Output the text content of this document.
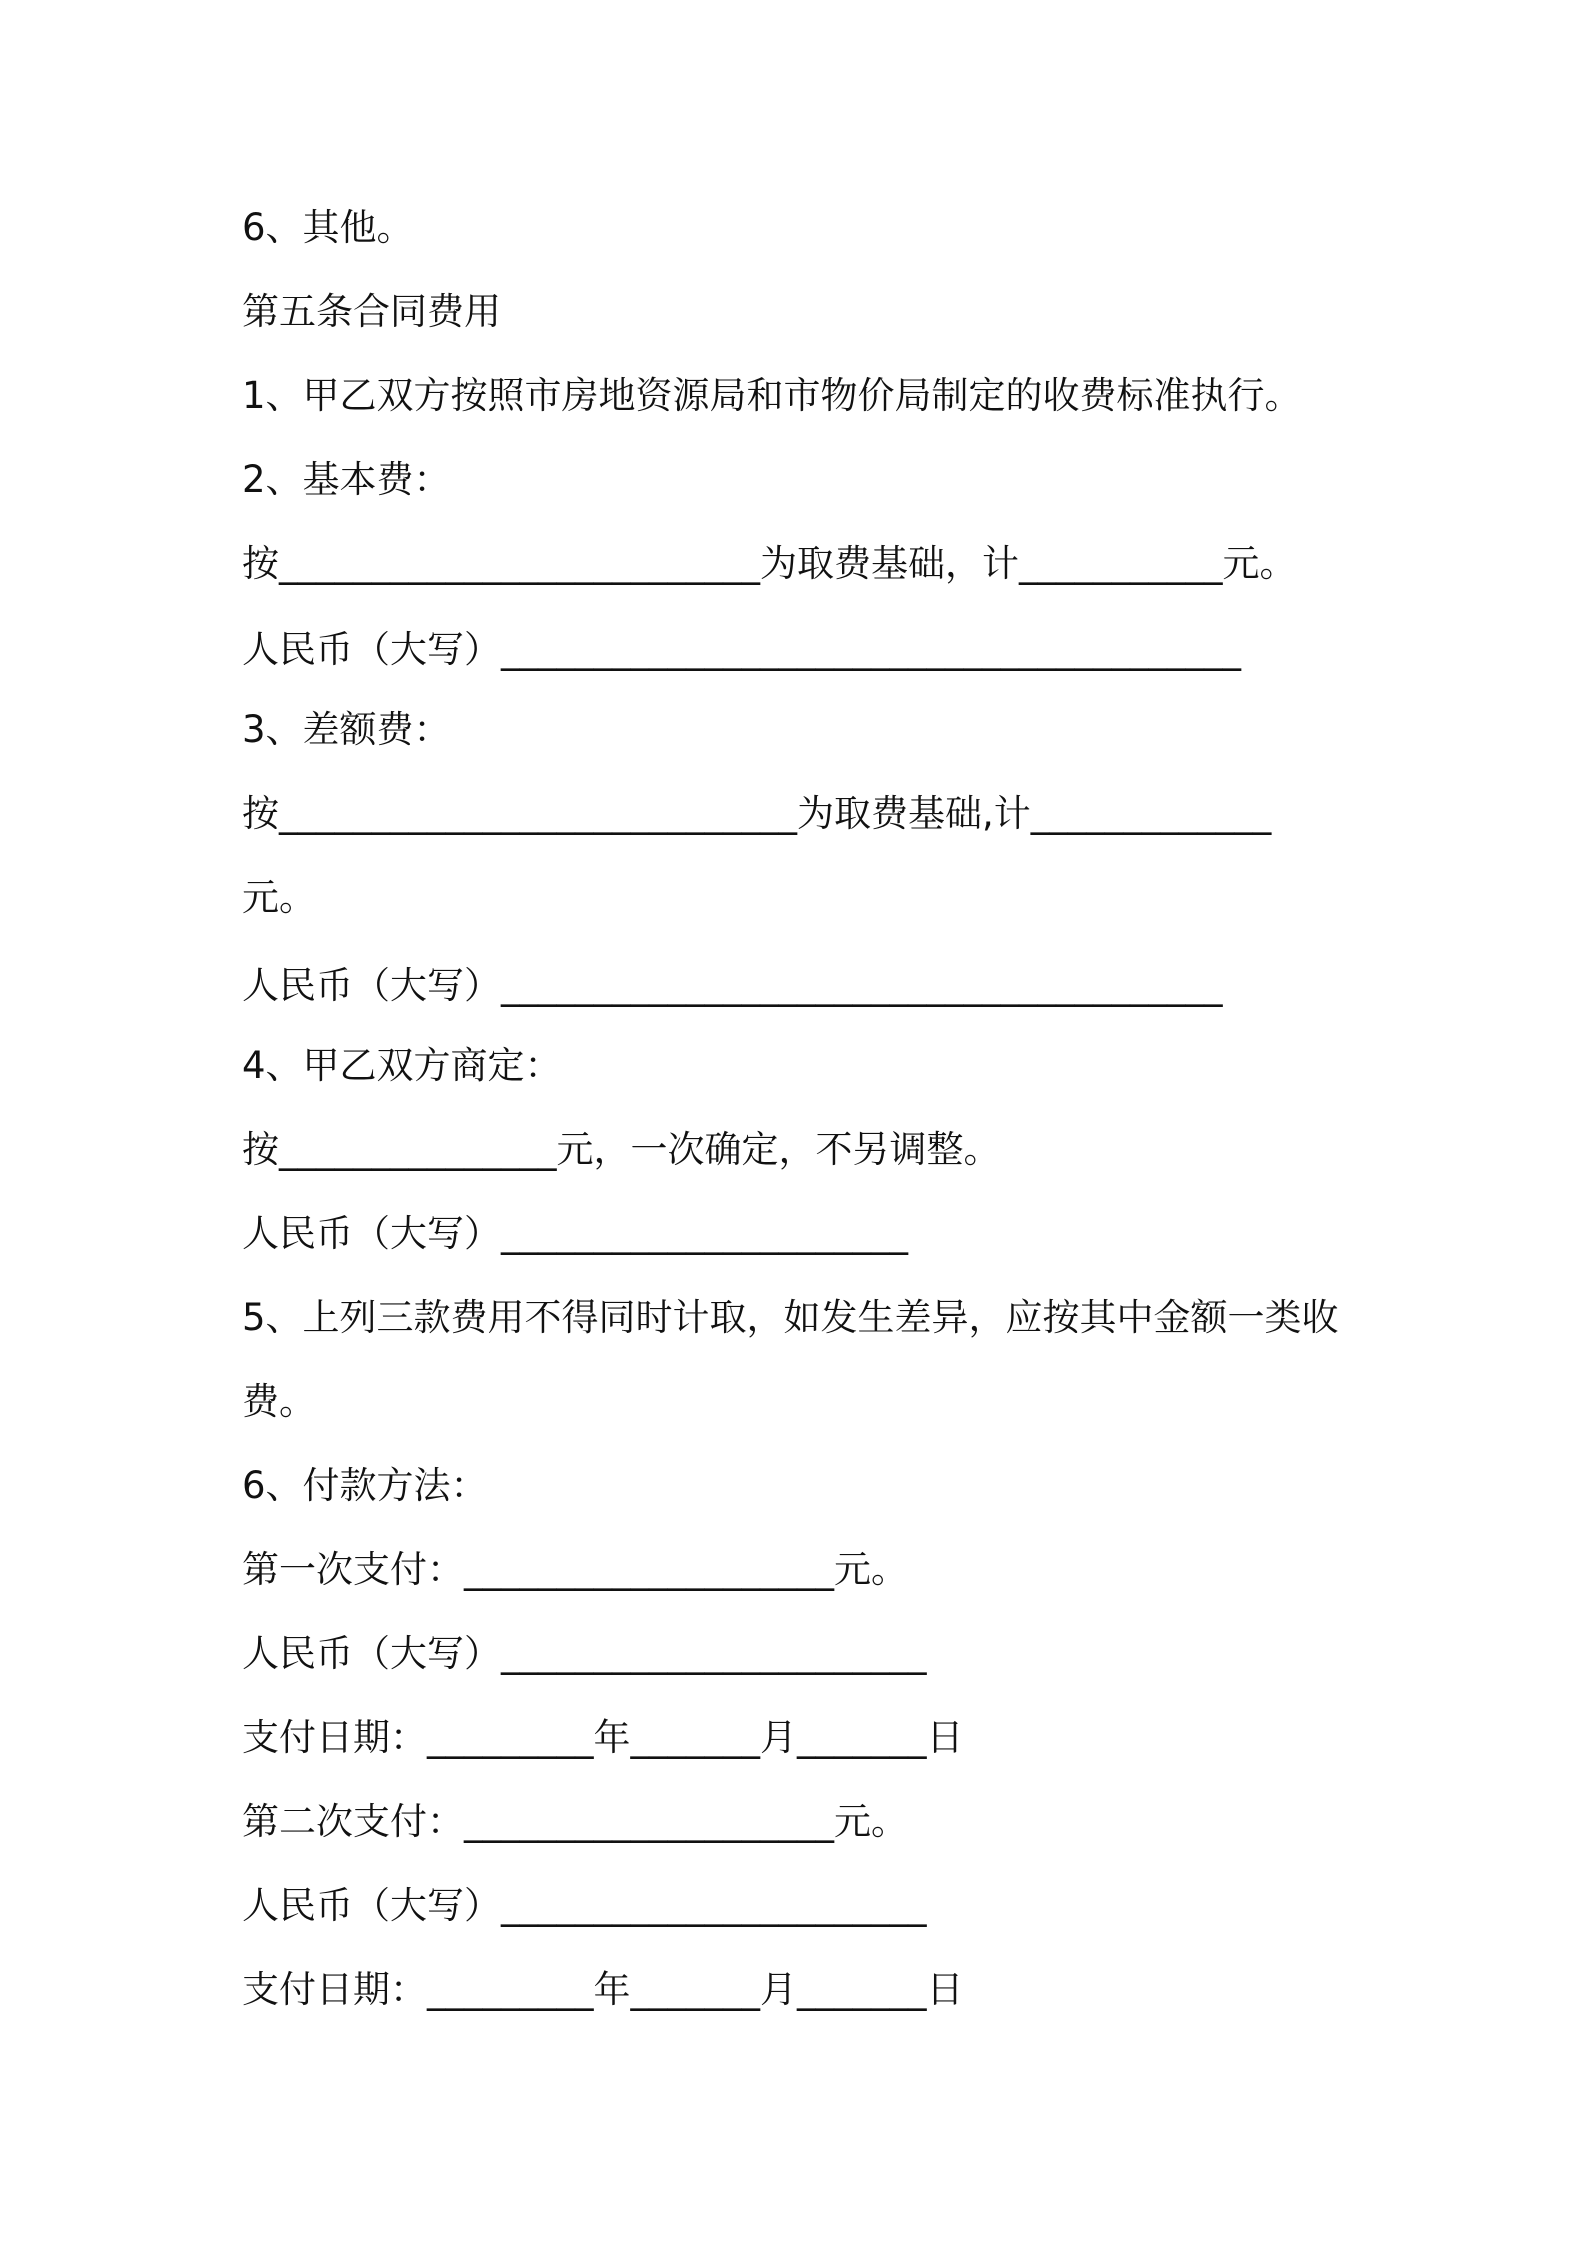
6、其他。
第五条合同费用
1、甲乙双方按照市房地资源局和市物价局制定的收费标准执行。
2、基本费：
按__________________________为取费基础，计___________元。
人民币（大写）________________________________________
3、差额费：
按____________________________为取费基础,计_____________
元。
人民币（大写）_______________________________________
4、甲乙双方商定：
按_______________元，一次确定，不另调整。
人民币（大写）______________________
5、上列三款费用不得同时计取，如发生差异，应按其中金额一类收
费。
6、付款方法：
第一次支付：____________________元。
人民币（大写）_______________________
支付日期：_________年_______月_______日
第二次支付：____________________元。
人民币（大写）_______________________
支付日期：_________年_______月_______日
